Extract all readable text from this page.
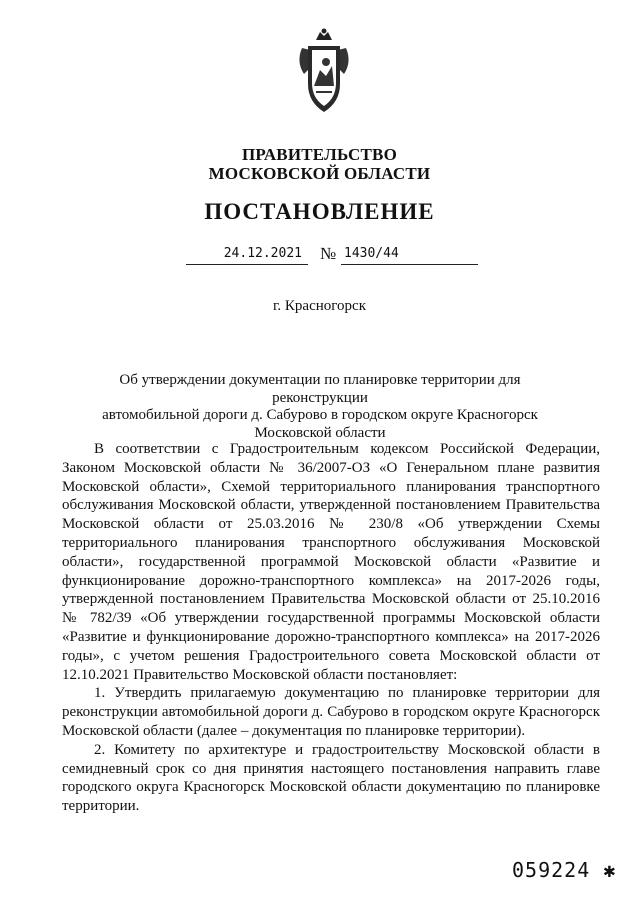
ПРАВИТЕЛЬСТВО
МОСКОВСКОЙ ОБЛАСТИ
ПОСТАНОВЛЕНИЕ
24.12.2021 № 1430/44
г. Красногорск
Об утверждении документации по планировке территории для реконструкции
автомобильной дороги д. Сабурово в городском округе Красногорск
Московской области

В соответствии с Градостроительным кодексом Российской Федерации, Законом Московской области № 36/2007-ОЗ «О Генеральном плане развития Московской области», Схемой территориального планирования транспортного обслуживания Московской области, утвержденной постановлением Правительства Московской области от 25.03.2016 № 230/8 «Об утверждении Схемы территориального планирования транспортного обслуживания Московской области», государственной программой Московской области «Развитие и функционирование дорожно-транспортного комплекса» на 2017-2026 годы, утвержденной постановлением Правительства Московской области от 25.10.2016 № 782/39 «Об утверждении государственной программы Московской области «Развитие и функционирование дорожно-транспортного комплекса» на 2017-2026 годы», с учетом решения Градостроительного совета Московской области от 12.10.2021 Правительство Московской области постановляет:

1. Утвердить прилагаемую документацию по планировке территории для реконструкции автомобильной дороги д. Сабурово в городском округе Красногорск Московской области (далее – документация по планировке территории).

2. Комитету по архитектуре и градостроительству Московской области в семидневный срок со дня принятия настоящего постановления направить главе городского округа Красногорск Московской области документацию по планировке территории.

059224 ✱
